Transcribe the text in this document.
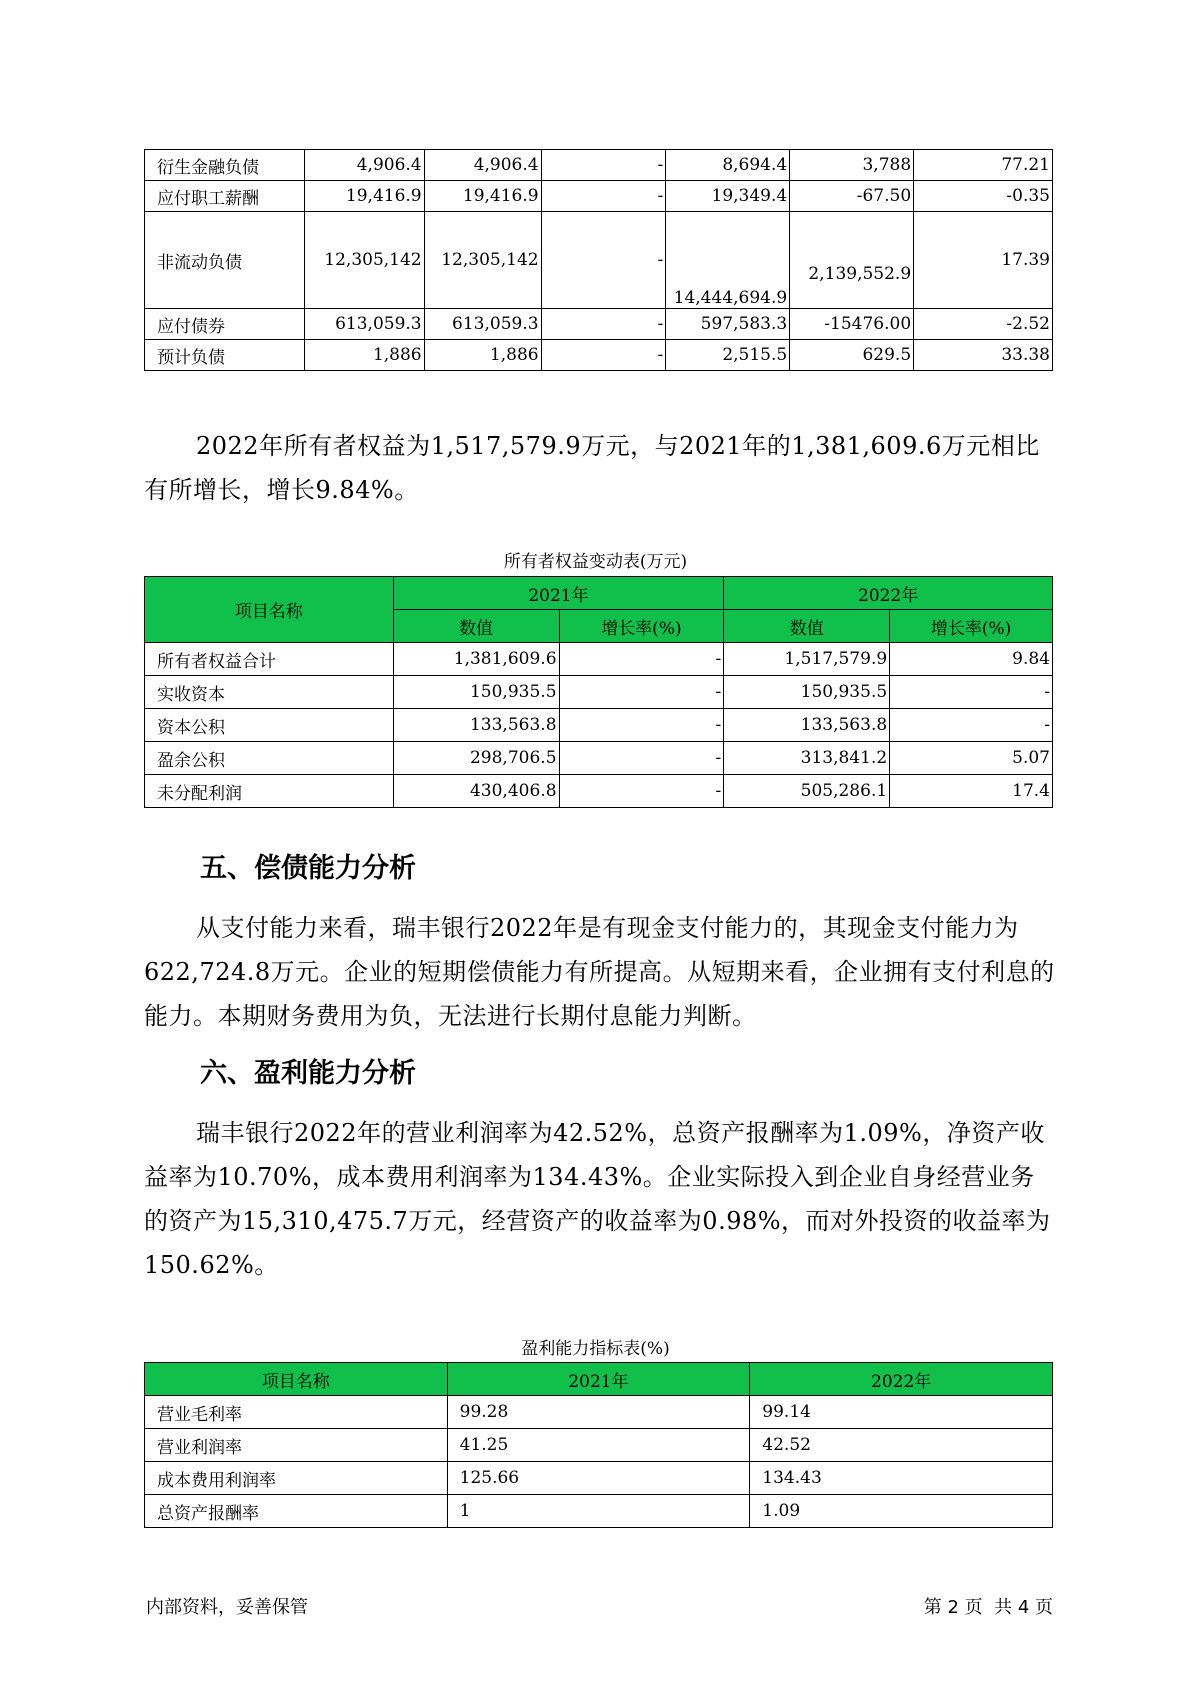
衍生金融负债	4,906.4	4,906.4	-	8,694.4	3,788	77.21
应付职工薪酬	19,416.9	19,416.9	-	19,349.4	-67.50	-0.35
非流动负债	12,305,142	12,305,142	-	14,444,694.9	2,139,552.9	17.39
应付债券	613,059.3	613,059.3	-	597,583.3	-15476.00	-2.52
预计负债	1,886	1,886	-	2,515.5	629.5	33.38
2022年所有者权益为1,517,579.9万元，与2021年的1,381,609.6万元相比有所增长，增长9.84%。
所有者权益变动表(万元)
项目名称	2021年		2022年	
	数值	增长率(%)	数值	增长率(%)
所有者权益合计	1,381,609.6	-	1,517,579.9	9.84
实收资本	150,935.5	-	150,935.5	-
资本公积	133,563.8	-	133,563.8	-
盈余公积	298,706.5	-	313,841.2	5.07
未分配利润	430,406.8	-	505,286.1	17.4
五、偿债能力分析
从支付能力来看，瑞丰银行2022年是有现金支付能力的，其现金支付能力为622,724.8万元。企业的短期偿债能力有所提高。从短期来看，企业拥有支付利息的能力。本期财务费用为负，无法进行长期付息能力判断。
六、盈利能力分析
瑞丰银行2022年的营业利润率为42.52%，总资产报酬率为1.09%，净资产收益率为10.70%，成本费用利润率为134.43%。企业实际投入到企业自身经营业务的资产为15,310,475.7万元，经营资产的收益率为0.98%，而对外投资的收益率为150.62%。
盈利能力指标表(%)
项目名称	2021年	2022年
营业毛利率	99.28	99.14
营业利润率	41.25	42.52
成本费用利润率	125.66	134.43
总资产报酬率	1	1.09
内部资料，妥善保管	第 2 页  共 4 页
